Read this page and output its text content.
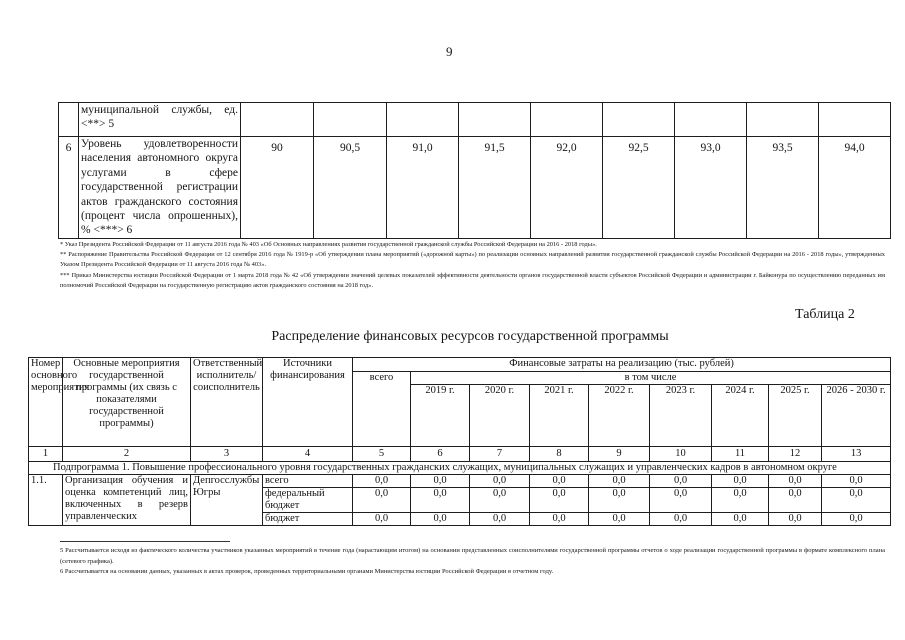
9
	муниципальной службы, ед. <**> 5									
6	Уровень удовлетворенности населения автономного округа услугами в сфере государственной регистрации актов гражданского состояния (процент числа опрошенных), % <***> 6	90	90,5	91,0	91,5	92,0	92,5	93,0	93,5	94,0

* Указ Президента Российской Федерации от 11 августа 2016 года № 403 «Об Основных направлениях развития государственной гражданской службы Российской Федерации на 2016 - 2018 годы».

** Распоряжение Правительства Российской Федерации от 12 сентября 2016 года № 1919-р «Об утверждении плана мероприятий («дорожной карты») по реализации основных направлений развития государственной гражданской службы Российской Федерации на 2016 - 2018 годы», утвержденных Указом Президента Российской Федерации от 11 августа 2016 года № 403».

*** Приказ Министерства юстиции Российской Федерации от 1 марта 2018 года № 42 «Об утверждении значений целевых показателей эффективности деятельности органов государственной власти субъектов Российской Федерации и администрации г. Байконура по осуществлению переданных им полномочий Российской Федерации на государственную регистрацию актов гражданского состояния на 2018 год».

Таблица 2
Распределение финансовых ресурсов государственной программы
Номер основного мероприятия	Основные мероприятия государственной программы (их связь с показателями государственной программы)	Ответственный исполнитель/ соисполнитель	Источники финансирования	Финансовые затраты на реализацию (тыс. рублей)								
				всего	в том числе							
					2019 г.	2020 г.	2021 г.	2022 г.	2023 г.	2024 г.	2025 г.	2026 - 2030 г.
1	2	3	4	5	6	7	8	9	10	11	12	13
Подпрограмма 1. Повышение профессионального уровня государственных гражданских служащих, муниципальных служащих и управленческих кадров в автономном округе												
1.1.	Организация обучения и оценка компетенций лиц, включенных в резерв управленческих	Депгосслужбы Югры	всего	0,0	0,0	0,0	0,0	0,0	0,0	0,0	0,0	0,0
			федеральный бюджет	0,0	0,0	0,0	0,0	0,0	0,0	0,0	0,0	0,0
			бюджет	0,0	0,0	0,0	0,0	0,0	0,0	0,0	0,0	0,0

5 Рассчитывается исходя из фактического количества участников указанных мероприятий в течение года (нарастающим итогом) на основании представленных соисполнителями государственной программы отчетов о ходе реализации государственной программы в формате комплексного плана (сетевого графика).

6 Рассчитывается на основании данных, указанных в актах проверок, проведенных территориальными органами Министерства юстиции Российской Федерации в отчетном году.
